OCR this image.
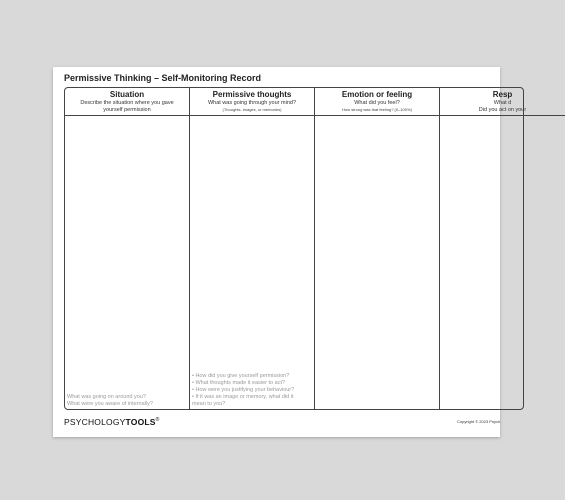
Permissive Thinking – Self-Monitoring Record
Situation
Describe the situation where you gave
yourself permission
What was going on around you?
What were you aware of internally?
Permissive thoughts
What was going through your mind?
(Thoughts, images, or memories)
• How did you give yourself permission?
• What thoughts made it easier to act?
• How were you justifying your behaviour?
• If it was an image or memory, what did it
mean to you?
Emotion or feeling
What did you feel?
How strong was that feeling? (0–100%)
Resp
What d
Did you act on your
PSYCHOLOGYTOOLS®	Copyright © 2023 Psych
